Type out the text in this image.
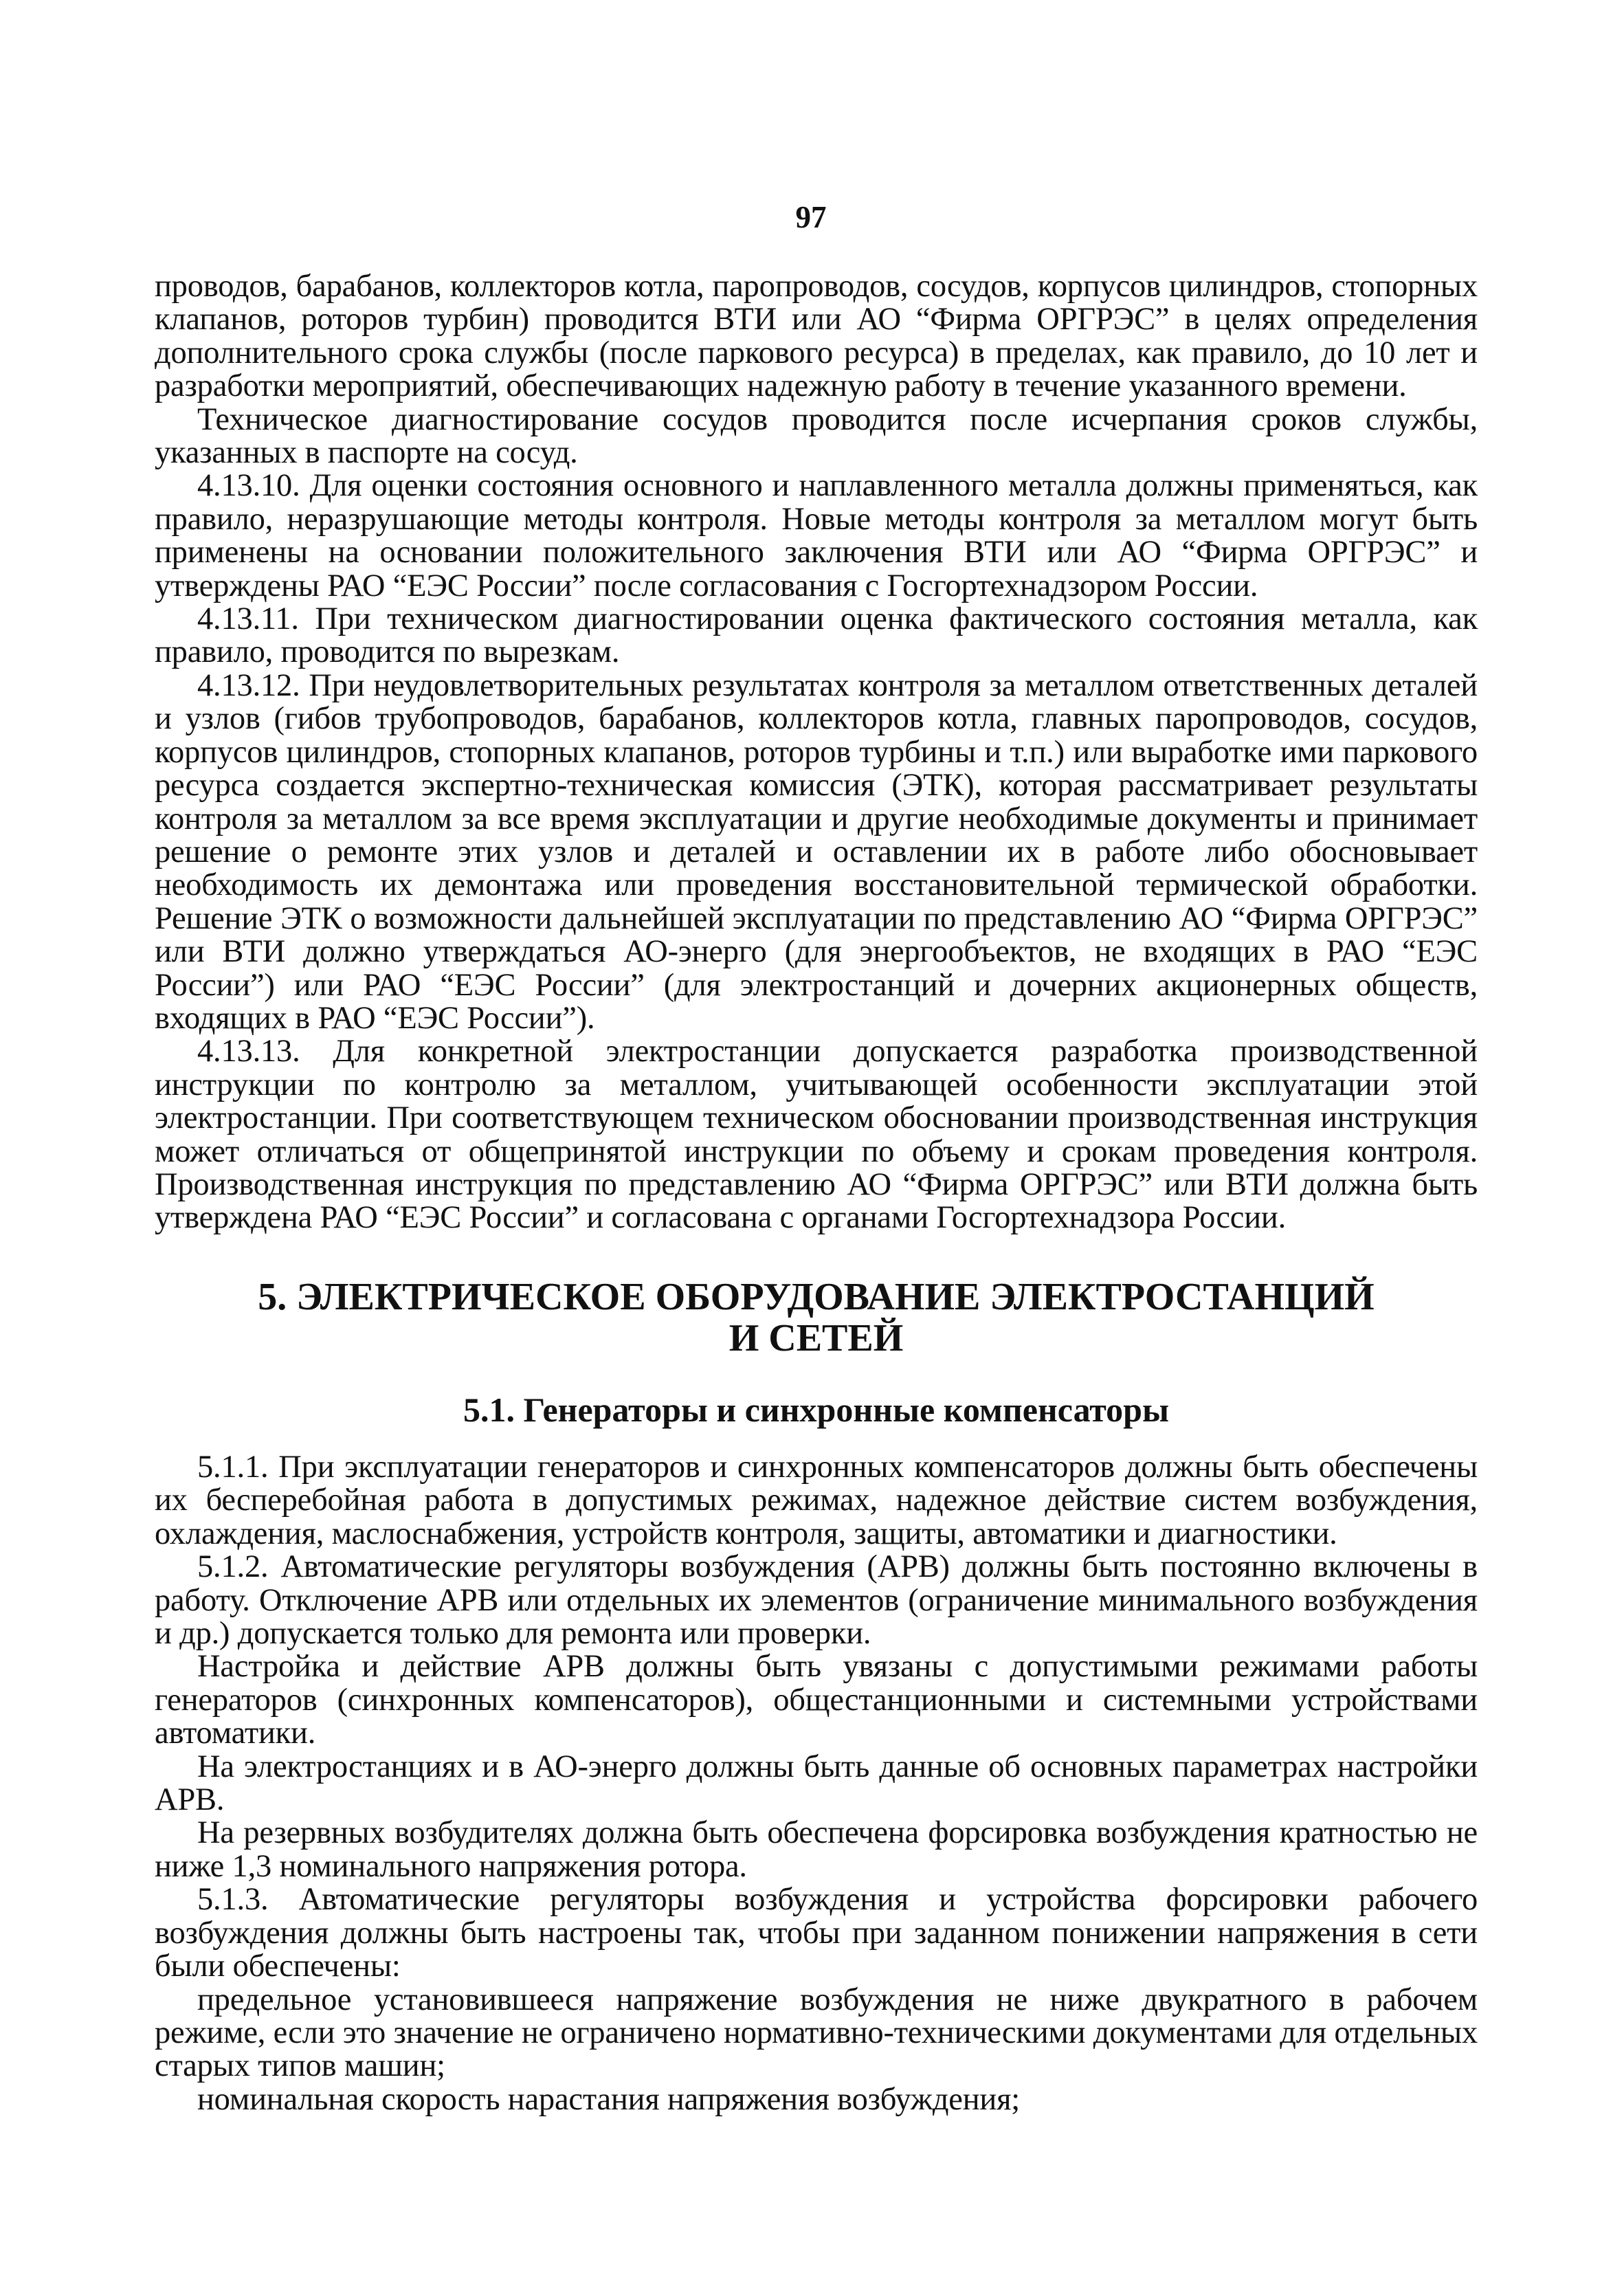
97

проводов, барабанов, коллекторов котла, паропроводов, сосудов, корпусов цилиндров, стопорных клапанов, роторов турбин) проводится ВТИ или АО “Фирма ОРГРЭС” в целях определения дополнительного срока службы (после паркового ресурса) в пределах, как правило, до 10 лет и разработки мероприятий, обеспечивающих надежную работу в течение указанного времени.

Техническое диагностирование сосудов проводится после исчерпания сроков службы, указанных в паспорте на сосуд.

4.13.10. Для оценки состояния основного и наплавленного металла должны применяться, как правило, неразрушающие методы контроля. Новые методы контроля за металлом могут быть применены на основании положительного заключения ВТИ или АО “Фирма ОРГРЭС” и утверждены РАО “ЕЭС России” после согласования с Госгортехнадзором России.

4.13.11. При техническом диагностировании оценка фактического состояния металла, как правило, проводится по вырезкам.

4.13.12. При неудовлетворительных результатах контроля за металлом ответственных деталей и узлов (гибов трубопроводов, барабанов, коллекторов котла, главных паропроводов, сосудов, корпусов цилиндров, стопорных клапанов, роторов турбины и т.п.) или выработке ими паркового ресурса создается экспертно-техническая комиссия (ЭТК), которая рассматривает результаты контроля за металлом за все время эксплуатации и другие необходимые документы и принимает решение о ремонте этих узлов и деталей и оставлении их в работе либо обосновывает необходимость их демонтажа или проведения восстановительной термической обработки. Решение ЭТК о возможности дальнейшей эксплуатации по представлению АО “Фирма ОРГРЭС” или ВТИ должно утверждаться АО-энерго (для энергообъектов, не входящих в РАО “ЕЭС России”) или РАО “ЕЭС России” (для электростанций и дочерних акционерных обществ, входящих в РАО “ЕЭС России”).

4.13.13. Для конкретной электростанции допускается разработка производственной инструкции по контролю за металлом, учитывающей особенности эксплуатации этой электростанции. При соответствующем техническом обосновании производственная инструкция может отличаться от общепринятой инструкции по объему и срокам проведения контроля. Производственная инструкция по представлению АО “Фирма ОРГРЭС” или ВТИ должна быть утверждена РАО “ЕЭС России” и согласована с органами Госгортехнадзора России.

5. ЭЛЕКТРИЧЕСКОЕ ОБОРУДОВАНИЕ ЭЛЕКТРОСТАНЦИЙ
И СЕТЕЙ
5.1. Генераторы и синхронные компенсаторы

5.1.1. При эксплуатации генераторов и синхронных компенсаторов должны быть обеспечены их бесперебойная работа в допустимых режимах, надежное действие систем возбуждения, охлаждения, маслоснабжения, устройств контроля, защиты, автоматики и диагностики.

5.1.2. Автоматические регуляторы возбуждения (АРВ) должны быть постоянно включены в работу. Отключение АРВ или отдельных их элементов (ограничение минимального возбуждения и др.) допускается только для ремонта или проверки.

Настройка и действие АРВ должны быть увязаны с допустимыми режимами работы генераторов (синхронных компенсаторов), общестанционными и системными устройствами автоматики.

На электростанциях и в АО-энерго должны быть данные об основных параметрах настройки АРВ.

На резервных возбудителях должна быть обеспечена форсировка возбуждения кратностью не ниже 1,3 номинального напряжения ротора.

5.1.3. Автоматические регуляторы возбуждения и устройства форсировки рабочего возбуждения должны быть настроены так, чтобы при заданном понижении напряжения в сети были обеспечены:

предельное установившееся напряжение возбуждения не ниже двукратного в рабочем режиме, если это значение не ограничено нормативно-техническими документами для отдельных старых типов машин;

номинальная скорость нарастания напряжения возбуждения;
